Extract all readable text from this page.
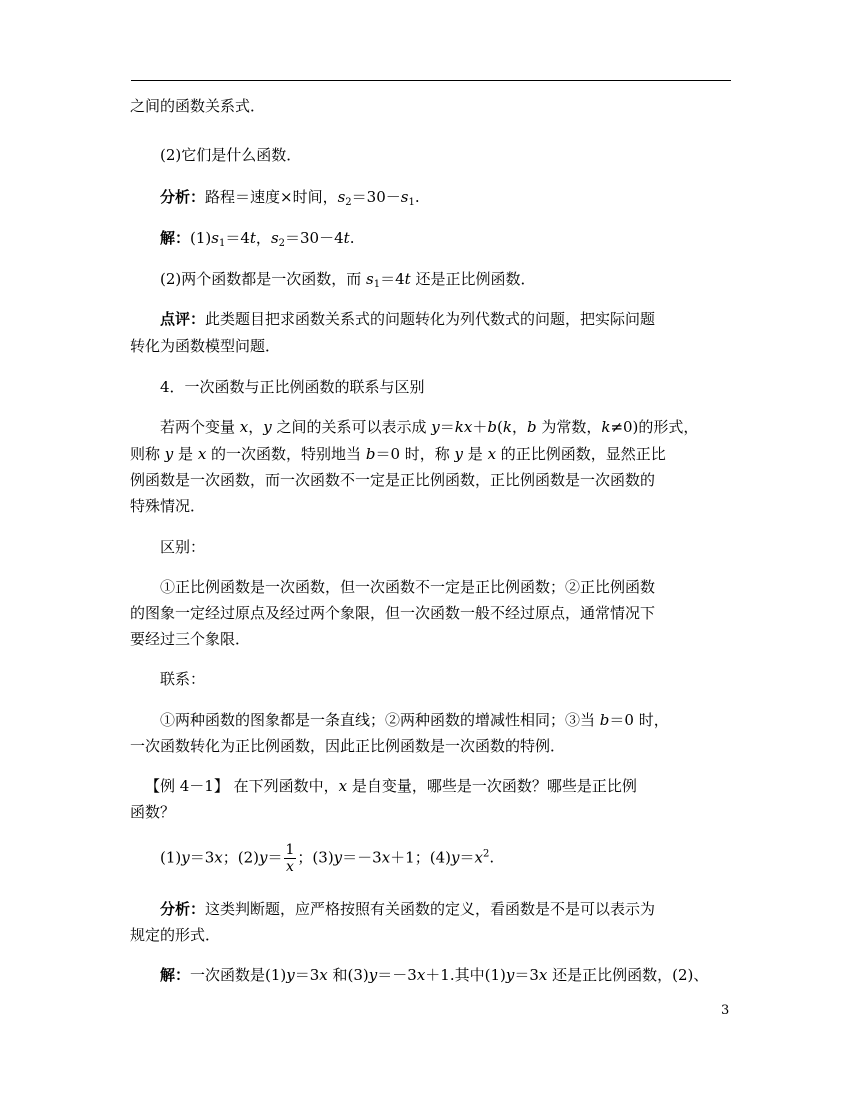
之间的函数关系式．

(2)它们是什么函数．

分析：路程＝速度×时间，$s_2=30-s_1$.

解：$(1)s_1=4t$，$s_2=30-4t$.

(2)两个函数都是一次函数，而 $s_1=4t$ 还是正比例函数．

点评：此类题目把求函数关系式的问题转化为列代数式的问题，把实际问题

转化为函数模型问题．

4．一次函数与正比例函数的联系与区别

若两个变量 x，y 之间的关系可以表示成 y＝kx＋b(k，b 为常数，k≠0)的形式，

则称 y 是 x 的一次函数，特别地当 b＝0 时，称 y 是 x 的正比例函数，显然正比

例函数是一次函数，而一次函数不一定是正比例函数，正比例函数是一次函数的

特殊情况．

区别：

①正比例函数是一次函数，但一次函数不一定是正比例函数；②正比例函数

的图象一定经过原点及经过两个象限，但一次函数一般不经过原点，通常情况下

要经过三个象限．

联系：

①两种函数的图象都是一条直线；②两种函数的增减性相同；③当 b＝0 时，

一次函数转化为正比例函数，因此正比例函数是一次函数的特例．

【例 4－1】 在下列函数中，x 是自变量，哪些是一次函数？哪些是正比例

函数？

(1)y＝3x；$(2)y= \frac{1}{x}$ ；(3)y＝－3x＋1；$(4)y=x^2$.

分析：这类判断题，应严格按照有关函数的定义，看函数是不是可以表示为

规定的形式．

解：一次函数是(1)y＝3x 和(3)y＝－3x＋1.其中(1)y＝3x 还是正比例函数，(2)、

3
